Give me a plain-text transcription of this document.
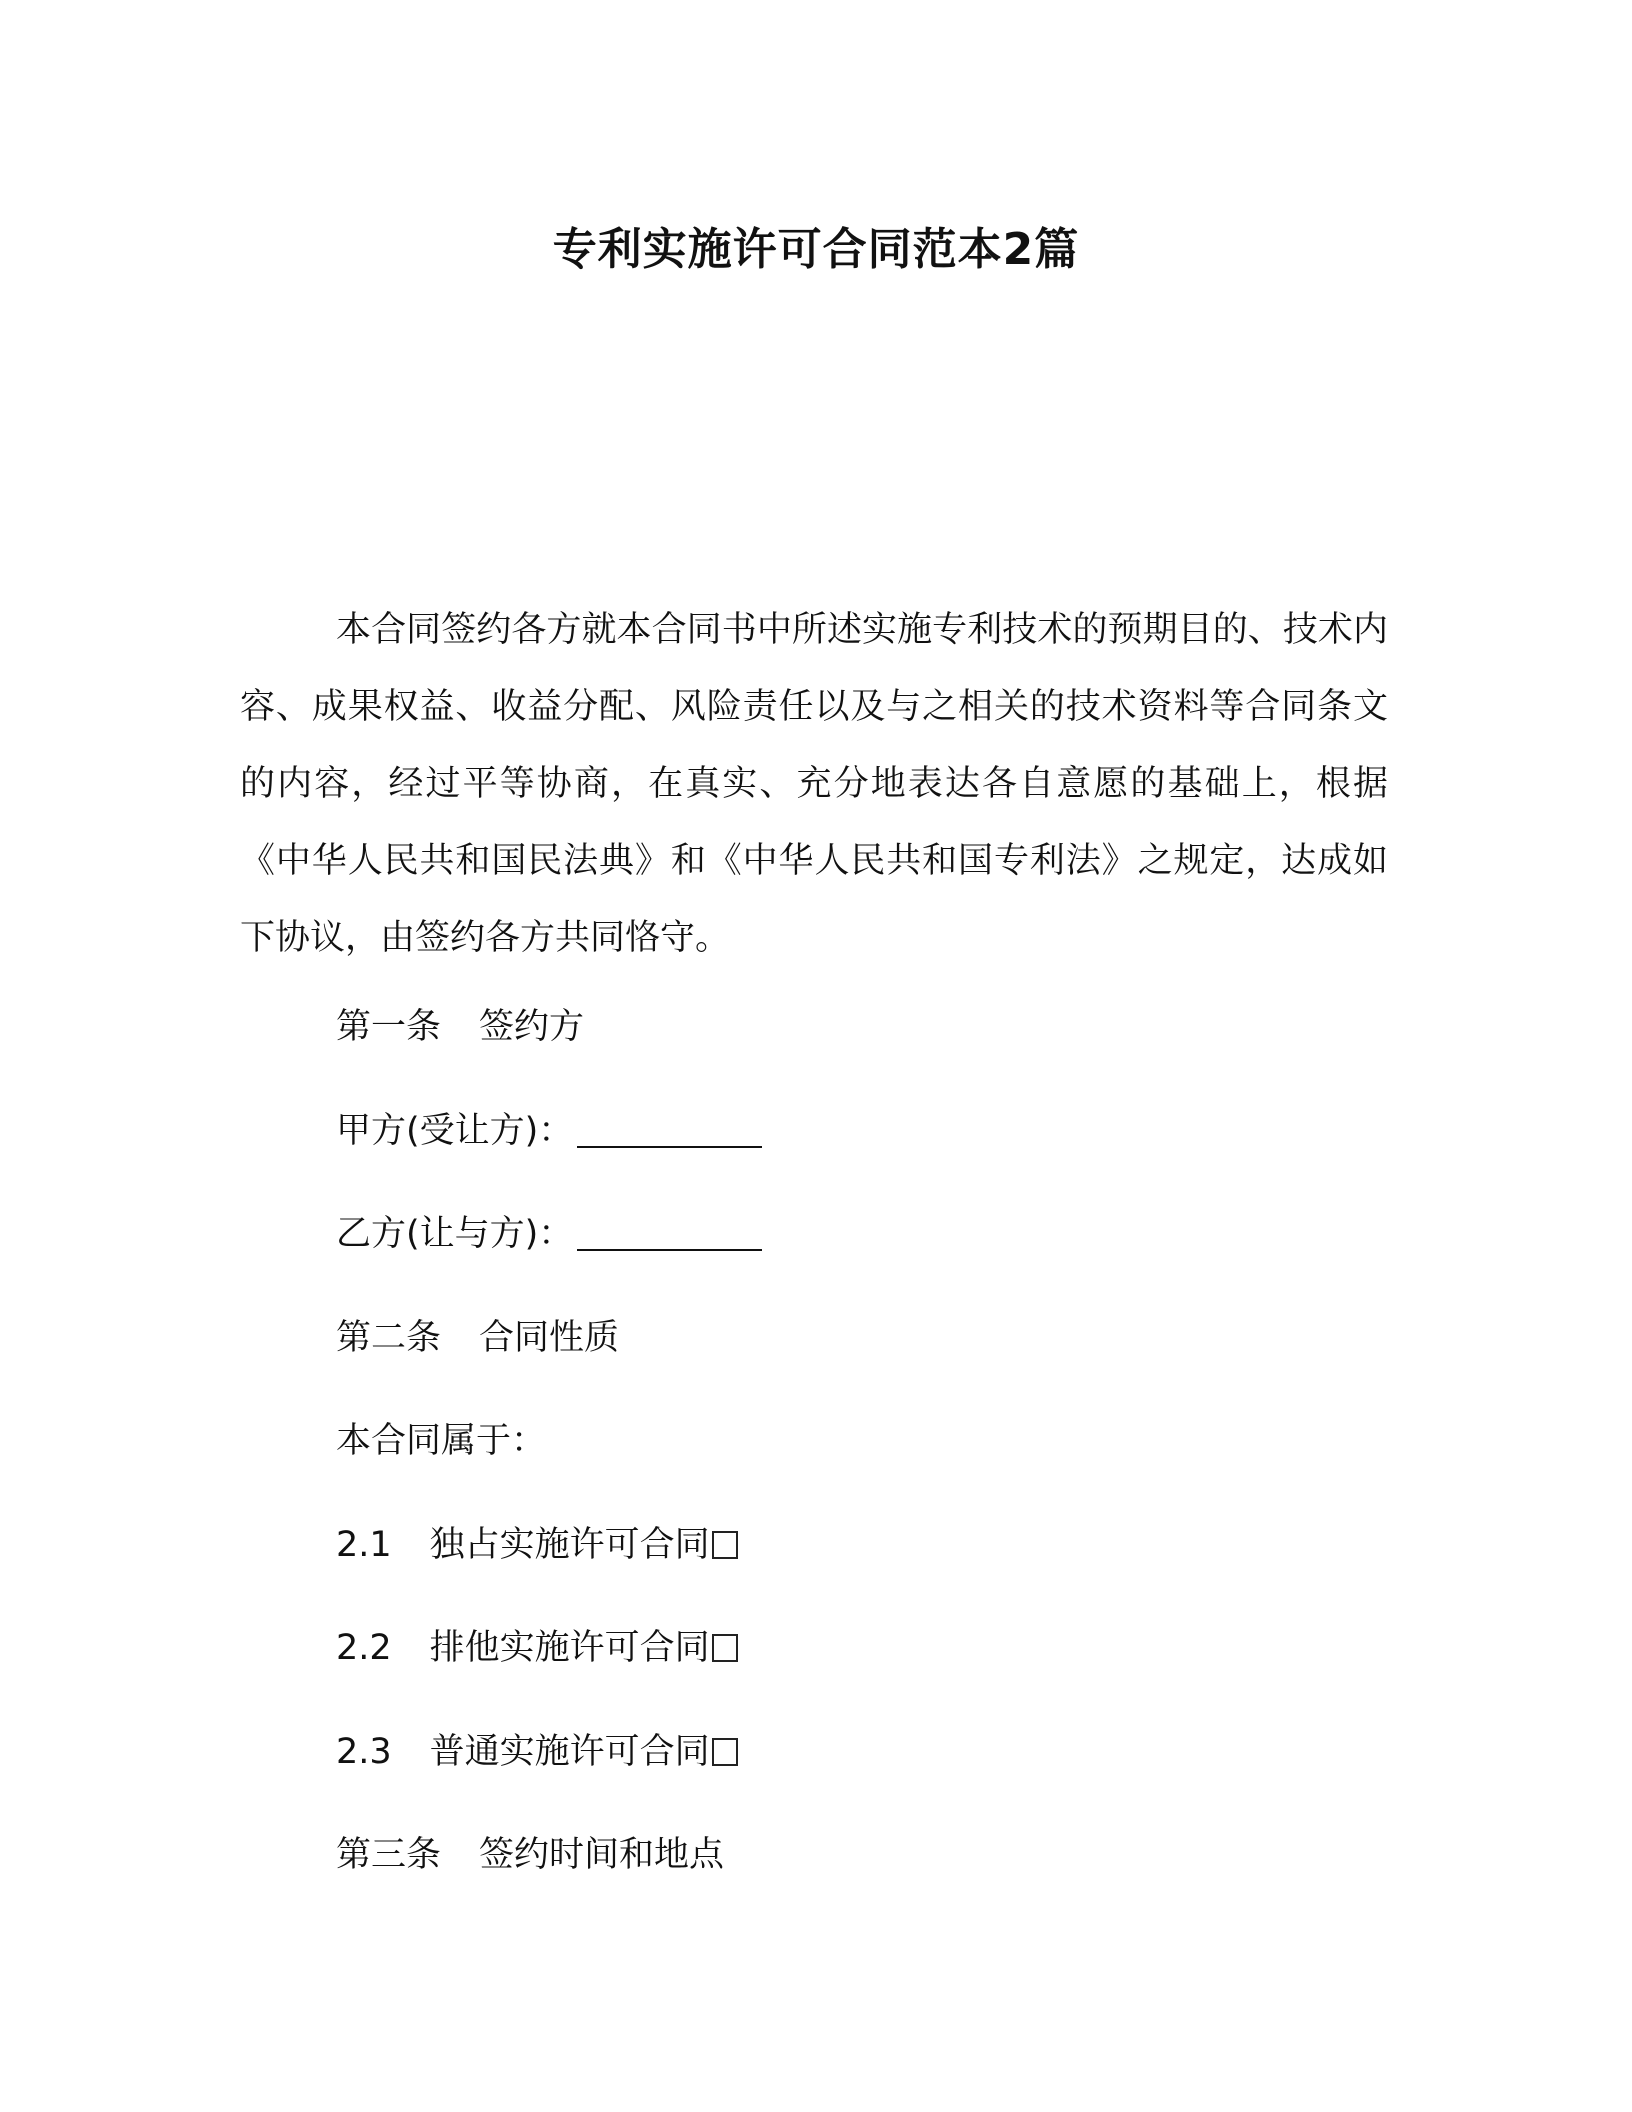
专利实施许可合同范本2篇

本合同签约各方就本合同书中所述实施专利技术的预期目的、技术内容、成果权益、收益分配、风险责任以及与之相关的技术资料等合同条文的内容，经过平等协商，在真实、充分地表达各自意愿的基础上，根据《中华人民共和国民法典》和《中华人民共和国专利法》之规定，达成如下协议，由签约各方共同恪守。

第一条 签约方

甲方(受让方)：

乙方(让与方)：

第二条 合同性质

本合同属于：

2.1 独占实施许可合同

2.2 排他实施许可合同

2.3 普通实施许可合同

第三条 签约时间和地点
